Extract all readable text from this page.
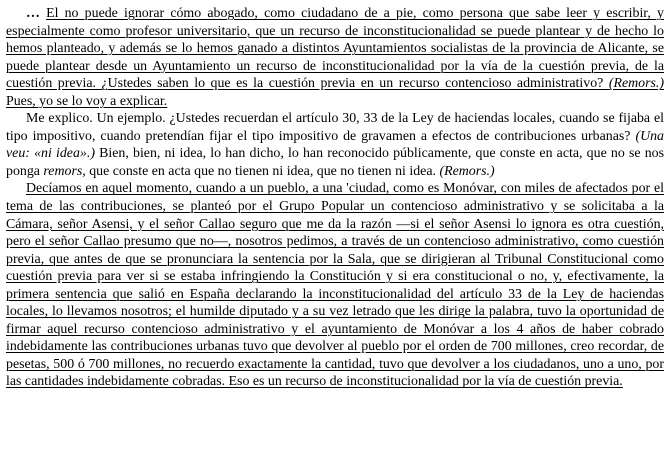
… El no puede ignorar cómo abogado, como ciudadano de a pie, como persona que sabe leer y escribir, y especialmente como profesor universitario, que un recurso de inconstitucionalidad se puede plantear y de hecho lo hemos planteado, y además se lo hemos ganado a distintos Ayuntamientos socialistas de la provincia de Alicante, se puede plantear desde un Ayuntamiento un recurso de inconstitucionalidad por la vía de la cuestión previa, de la cuestión previa. ¿Ustedes saben lo que es la cuestión previa en un recurso contencioso administrativo? (Remors.) Pues, yo se lo voy a explicar.

Me explico. Un ejemplo. ¿Ustedes recuerdan el artículo 30, 33 de la Ley de haciendas locales, cuando se fijaba el tipo impositivo, cuando pretendían fijar el tipo impositivo de gravamen a efectos de contribuciones urbanas? (Una veu: «ni idea».) Bien, bien, ni idea, lo han dicho, lo han reconocido públicamente, que conste en acta, que no se nos ponga remors, que conste en acta que no tienen ni idea, que no tienen ni idea. (Remors.)

Decíamos en aquel momento, cuando a un pueblo, a una 'ciudad, como es Monóvar, con miles de afectados por el tema de las contribuciones, se planteó por el Grupo Popular un contencioso administrativo y se solicitaba a la Cámara, señor Asensi, y el señor Callao seguro que me da la razón —si el señor Asensi lo ignora es otra cuestión, pero el señor Callao presumo que no—, nosotros pedimos, a través de un contencioso administrativo, como cuestión previa, que antes de que se pronunciara la sentencia por la Sala, que se dirigieran al Tribunal Constitucional como cuestión previa para ver si se estaba infringiendo la Constitución y si era constitucional o no, y, efectivamente, la primera sentencia que salió en España declarando la inconstitucionalidad del artículo 33 de la Ley de haciendas locales, lo llevamos nosotros; el humilde diputado y a su vez letrado que les dirige la palabra, tuvo la oportunidad de firmar aquel recurso contencioso administrativo y el ayuntamiento de Monóvar a los 4 años de haber cobrado indebidamente las contribuciones urbanas tuvo que devolver al pueblo por el orden de 700 millones, creo recordar, de pesetas, 500 ó 700 millones, no recuerdo exactamente la cantidad, tuvo que devolver a los ciudadanos, uno a uno, por las cantidades indebidamente cobradas. Eso es un recurso de inconstitucionalidad por la vía de cuestión previa.
